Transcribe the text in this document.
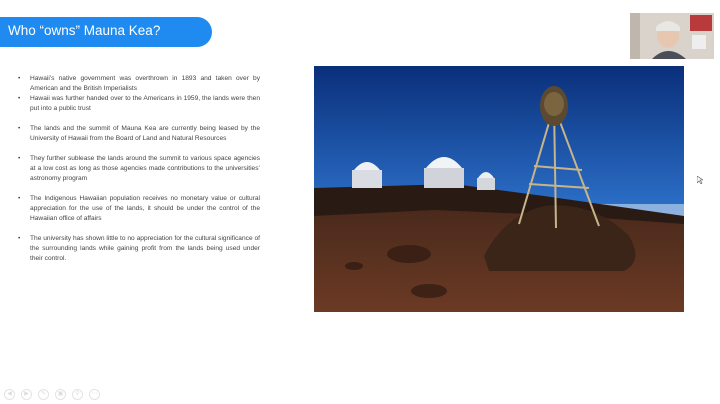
Who “owns” Mauna Kea?
• Hawaii’s native government was overthrown in 1893 and taken over by American and the British Imperialists
• Hawaii was further handed over to the Americans in 1959, the lands were then put into a public trust
• The lands and the summit of Mauna Kea are currently being leased by the University of Hawaii from the Board of Land and Natural Resources
• They further sublease the lands around the summit to various space agencies at a low cost as long as those agencies made contributions to the universities’ astronomy program
• The Indigenous Hawaiian population receives no monetary value or cultural appreciation for the use of the lands, it should be under the control of the Hawaiian office of affairs
• The university has shown little to no appreciation for the cultural significance of the surrounding lands while gaining profit from the lands being used under their control.
◀	▶	✎	▣	⚲	⋯
